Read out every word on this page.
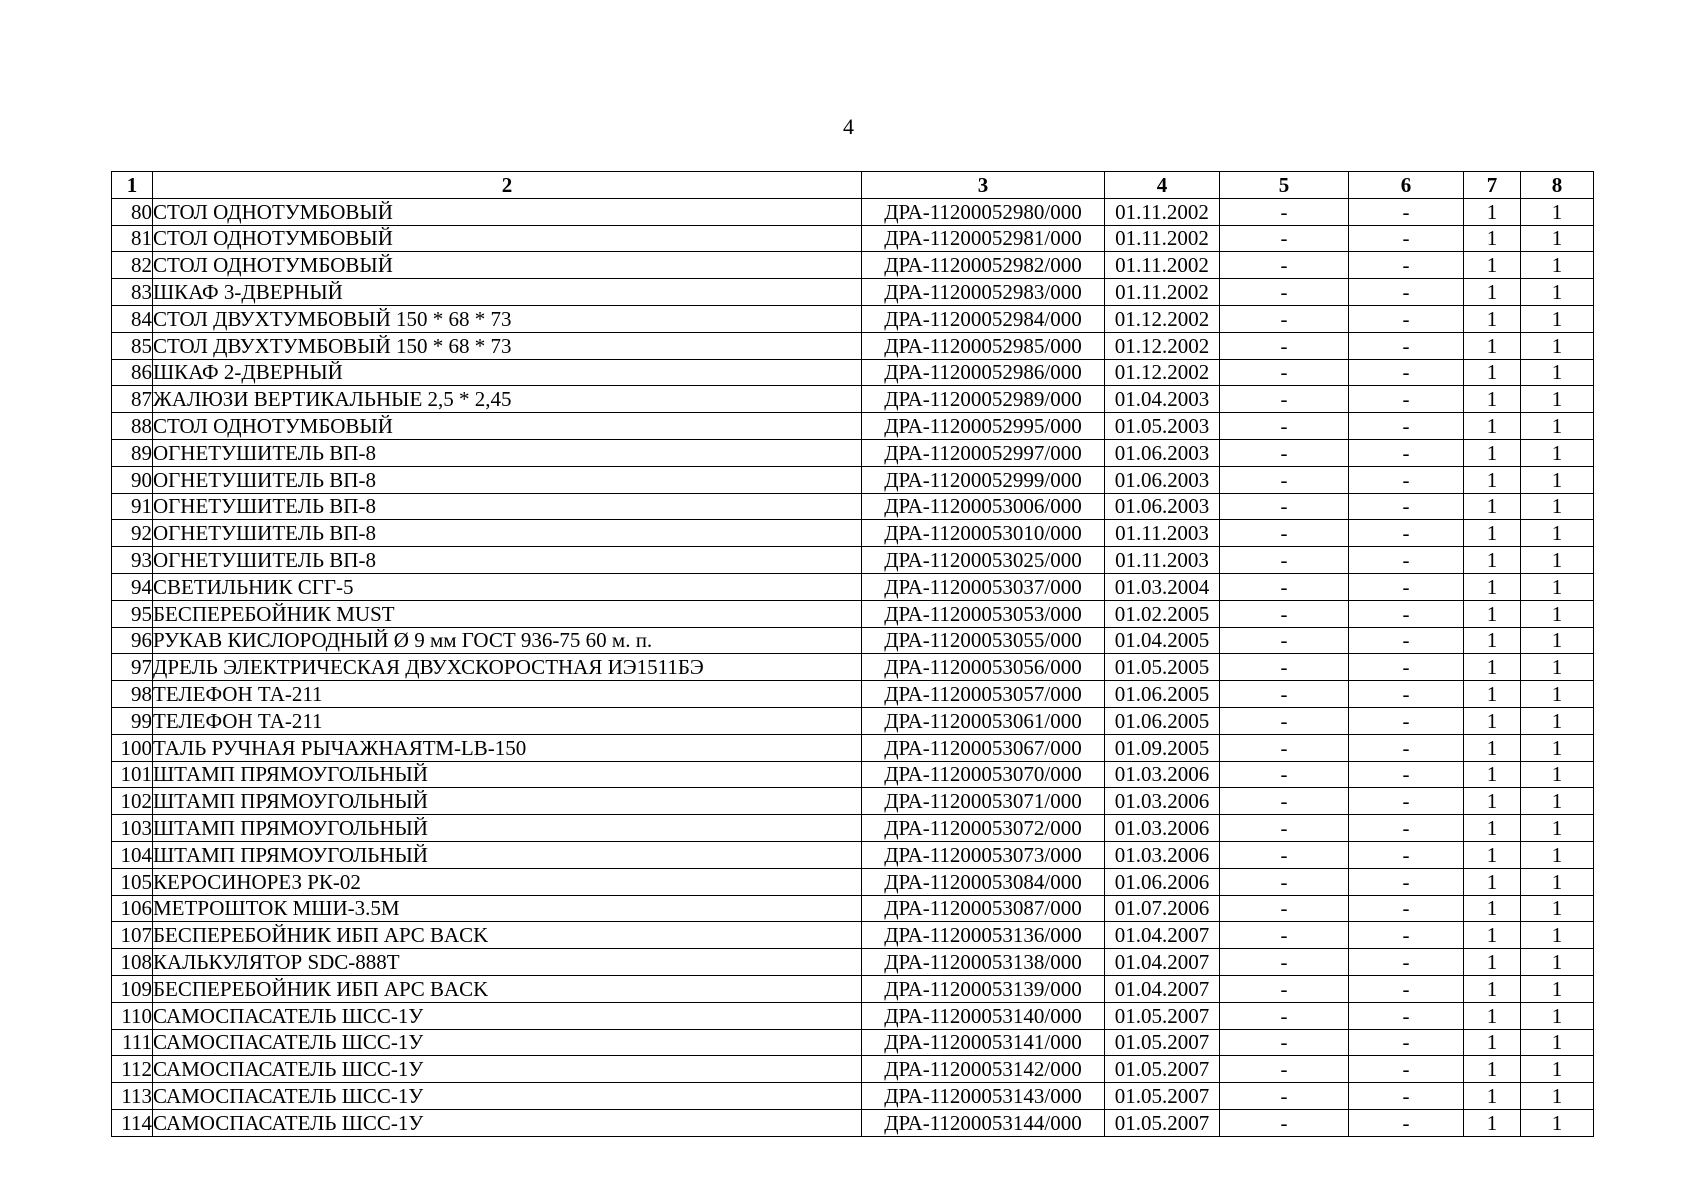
4
1	2	3	4	5	6	7	8
80	СТОЛ ОДНОТУМБОВЫЙ	ДРА-11200052980/000	01.11.2002	-	-	1	1
81	СТОЛ ОДНОТУМБОВЫЙ	ДРА-11200052981/000	01.11.2002	-	-	1	1
82	СТОЛ ОДНОТУМБОВЫЙ	ДРА-11200052982/000	01.11.2002	-	-	1	1
83	ШКАФ 3-ДВЕРНЫЙ	ДРА-11200052983/000	01.11.2002	-	-	1	1
84	СТОЛ ДВУХТУМБОВЫЙ 150 * 68 * 73	ДРА-11200052984/000	01.12.2002	-	-	1	1
85	СТОЛ ДВУХТУМБОВЫЙ 150 * 68 * 73	ДРА-11200052985/000	01.12.2002	-	-	1	1
86	ШКАФ 2-ДВЕРНЫЙ	ДРА-11200052986/000	01.12.2002	-	-	1	1
87	ЖАЛЮЗИ ВЕРТИКАЛЬНЫЕ 2,5 * 2,45	ДРА-11200052989/000	01.04.2003	-	-	1	1
88	СТОЛ ОДНОТУМБОВЫЙ	ДРА-11200052995/000	01.05.2003	-	-	1	1
89	ОГНЕТУШИТЕЛЬ ВП-8	ДРА-11200052997/000	01.06.2003	-	-	1	1
90	ОГНЕТУШИТЕЛЬ ВП-8	ДРА-11200052999/000	01.06.2003	-	-	1	1
91	ОГНЕТУШИТЕЛЬ ВП-8	ДРА-11200053006/000	01.06.2003	-	-	1	1
92	ОГНЕТУШИТЕЛЬ ВП-8	ДРА-11200053010/000	01.11.2003	-	-	1	1
93	ОГНЕТУШИТЕЛЬ ВП-8	ДРА-11200053025/000	01.11.2003	-	-	1	1
94	СВЕТИЛЬНИК СГГ-5	ДРА-11200053037/000	01.03.2004	-	-	1	1
95	БЕСПЕРЕБОЙНИК MUST	ДРА-11200053053/000	01.02.2005	-	-	1	1
96	РУКАВ КИСЛОРОДНЫЙ Ø 9 мм ГОСТ 936-75 60 м. п.	ДРА-11200053055/000	01.04.2005	-	-	1	1
97	ДРЕЛЬ ЭЛЕКТРИЧЕСКАЯ ДВУХСКОРОСТНАЯ ИЭ1511БЭ	ДРА-11200053056/000	01.05.2005	-	-	1	1
98	ТЕЛЕФОН ТА-211	ДРА-11200053057/000	01.06.2005	-	-	1	1
99	ТЕЛЕФОН ТА-211	ДРА-11200053061/000	01.06.2005	-	-	1	1
100	ТАЛЬ РУЧНАЯ РЫЧАЖНАЯТМ-LB-150	ДРА-11200053067/000	01.09.2005	-	-	1	1
101	ШТАМП ПРЯМОУГОЛЬНЫЙ	ДРА-11200053070/000	01.03.2006	-	-	1	1
102	ШТАМП ПРЯМОУГОЛЬНЫЙ	ДРА-11200053071/000	01.03.2006	-	-	1	1
103	ШТАМП ПРЯМОУГОЛЬНЫЙ	ДРА-11200053072/000	01.03.2006	-	-	1	1
104	ШТАМП ПРЯМОУГОЛЬНЫЙ	ДРА-11200053073/000	01.03.2006	-	-	1	1
105	КЕРОСИНОРЕЗ РК-02	ДРА-11200053084/000	01.06.2006	-	-	1	1
106	МЕТРОШТОК МШИ-3.5М	ДРА-11200053087/000	01.07.2006	-	-	1	1
107	БЕСПЕРЕБОЙНИК ИБП APC BACK	ДРА-11200053136/000	01.04.2007	-	-	1	1
108	КАЛЬКУЛЯТОР SDC-888T	ДРА-11200053138/000	01.04.2007	-	-	1	1
109	БЕСПЕРЕБОЙНИК ИБП APC BACK	ДРА-11200053139/000	01.04.2007	-	-	1	1
110	САМОСПАСАТЕЛЬ ШСС-1У	ДРА-11200053140/000	01.05.2007	-	-	1	1
111	САМОСПАСАТЕЛЬ ШСС-1У	ДРА-11200053141/000	01.05.2007	-	-	1	1
112	САМОСПАСАТЕЛЬ ШСС-1У	ДРА-11200053142/000	01.05.2007	-	-	1	1
113	САМОСПАСАТЕЛЬ ШСС-1У	ДРА-11200053143/000	01.05.2007	-	-	1	1
114	САМОСПАСАТЕЛЬ ШСС-1У	ДРА-11200053144/000	01.05.2007	-	-	1	1
